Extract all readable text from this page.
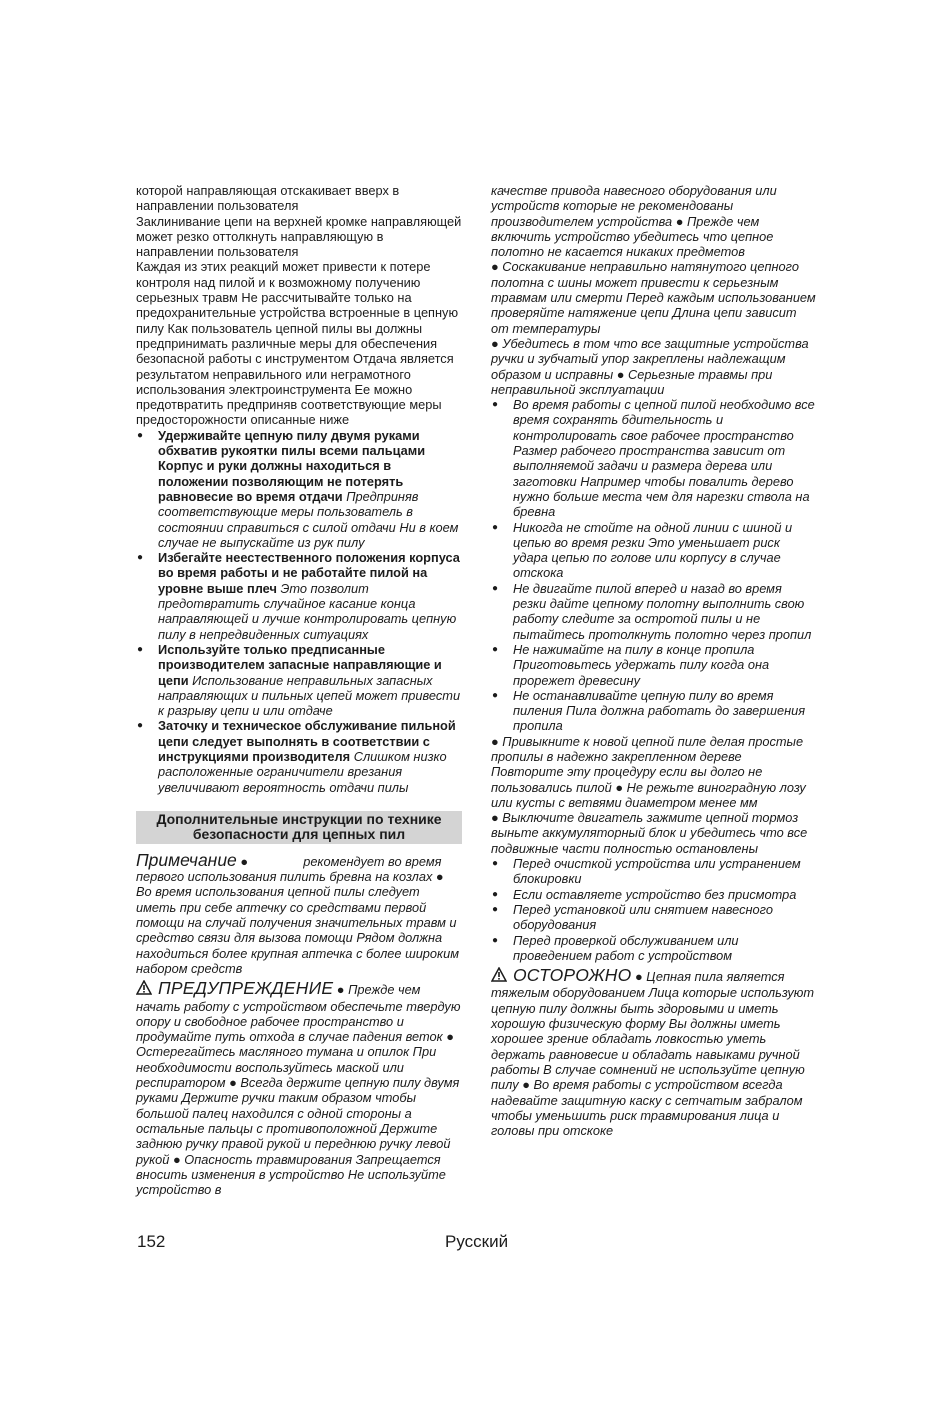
которой направляющая отскакивает вверх в направлении пользователя

Заклинивание цепи на верхней кромке направляющей может резко оттолкнуть направляющую в направлении пользователя

Каждая из этих реакций может привести к потере контроля над пилой и к возможному получению серьезных травм Не рассчитывайте только на предохранительные устройства встроенные в цепную пилу Как пользователь цепной пилы вы должны предпринимать различные меры для обеспечения безопасной работы с инструментом Отдача является результатом неправильного или неграмотного использования электроинструмента Ее можно предотвратить предприняв соответствующие меры предосторожности описанные ниже

● Удерживайте цепную пилу двумя руками обхватив рукоятки пилы всеми пальцами Корпус и руки должны находиться в положении позволяющим не потерять равновесие во время отдачи Предприняв соответствующие меры пользователь в состоянии справиться с силой отдачи Ни в коем случае не выпускайте из рук пилу
● Избегайте неестественного положения корпуса во время работы и не работайте пилой на уровне выше плеч Это позволит предотвратить случайное касание конца направляющей и лучше контролировать цепную пилу в непредвиденных ситуациях
● Используйте только предписанные производителем запасные направляющие и цепи Использование неправильных запасных направляющих и пильных цепей может привести к разрыву цепи и или отдаче
● Заточку и техническое обслуживание пильной цепи следует выполнять в соответствии с инструкциями производителя Слишком низко расположенные ограничители врезания увеличивают вероятность отдачи пилы
Дополнительные инструкции по технике безопасности для цепных пил

Примечание ●	рекомендует во время первого использования пилить бревна на козлах ● Во время использования цепной пилы следует иметь при себе аптечку со средствами первой помощи на случай получения значительных травм и средство связи для вызова помощи Рядом должна находиться более крупная аптечка с более широким набором средств

ПРЕДУПРЕЖДЕНИЕ ● Прежде чем начать работу с устройством обеспечьте твердую опору и свободное рабочее пространство и продумайте путь отхода в случае падения веток ● Остерегайтесь масляного тумана и опилок При необходимости воспользуйтесь маской или респиратором ● Всегда держите цепную пилу двумя руками Держите ручки таким образом чтобы большой палец находился с одной стороны а остальные пальцы с противоположной Держите заднюю ручку правой рукой и переднюю ручку левой рукой ● Опасность травмирования Запрещается вносить изменения в устройство Не используйте устройство в

качестве привода навесного оборудования или устройств которые не рекомендованы производителем устройства ● Прежде чем включить устройство убедитесь что цепное полотно не касается никаких предметов

● Соскакивание неправильно натянутого цепного полотна с шины может привести к серьезным травмам или смерти Перед каждым использованием проверяйте натяжение цепи Длина цепи зависит от температуры

● Убедитесь в том что все защитные устройства ручки и зубчатый упор закреплены надлежащим образом и исправны ● Серьезные травмы при неправильной эксплуатации

● Во время работы с цепной пилой необходимо все время сохранять бдительность и контролировать свое рабочее пространство Размер рабочего пространства зависит от выполняемой задачи и размера дерева или заготовки Например чтобы повалить дерево нужно больше места чем для нарезки ствола на бревна
● Никогда не стойте на одной линии с шиной и цепью во время резки Это уменьшает риск удара цепью по голове или корпусу в случае отскока
● Не двигайте пилой вперед и назад во время резки дайте цепному полотну выполнить свою работу следите за остротой пилы и не пытайтесь протолкнуть полотно через пропил
● Не нажимайте на пилу в конце пропила Приготовьтесь удержать пилу когда она прорежет древесину
● Не останавливайте цепную пилу во время пиления Пила должна работать до завершения пропила

● Привыкните к новой цепной пиле делая простые пропилы в надежно закрепленном дереве Повторите эту процедуру если вы долго не пользовались пилой ● Не режьте виноградную лозу или кусты с ветвями диаметром менее мм

● Выключите двигатель зажмите цепной тормоз выньте аккумуляторный блок и убедитесь что все подвижные части полностью остановлены

● Перед очисткой устройства или устранением блокировки
● Если оставляете устройство без присмотра
● Перед установкой или снятием навесного оборудования
● Перед проверкой обслуживанием или проведением работ с устройством

ОСТОРОЖНО ● Цепная пила является тяжелым оборудованием Лица которые используют цепную пилу должны быть здоровыми и иметь хорошую физическую форму Вы должны иметь хорошее зрение обладать ловкостью уметь держать равновесие и обладать навыками ручной работы В случае сомнений не используйте цепную пилу ● Во время работы с устройством всегда надевайте защитную каску с сетчатым забралом чтобы уменьшить риск травмирования лица и головы при отскоке

152	Русский
